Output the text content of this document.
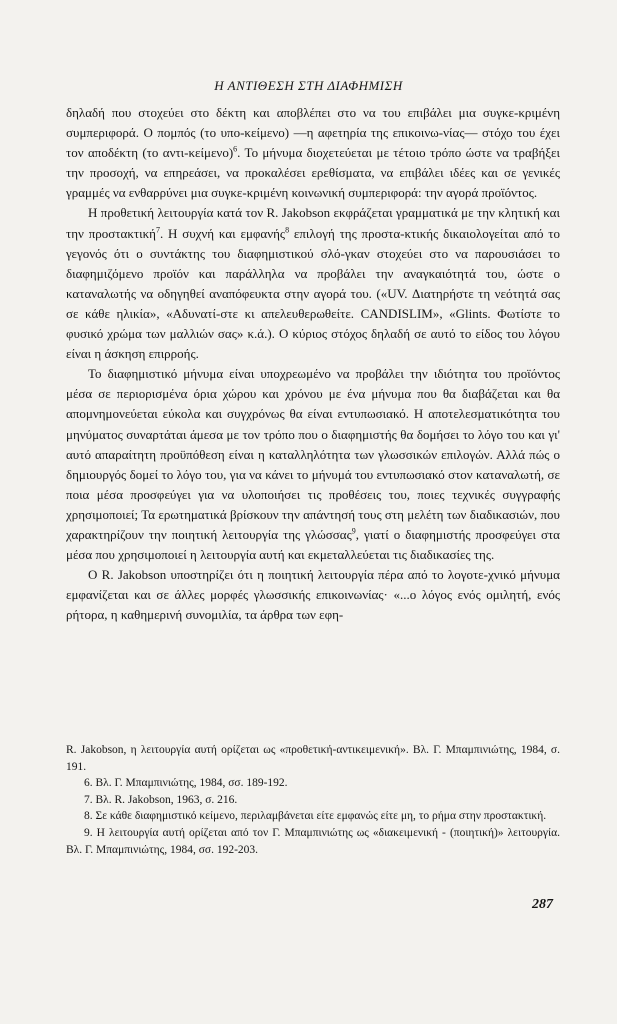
Η ΑΝΤΙΘΕΣΗ ΣΤΗ ΔΙΑΦΗΜΙΣΗ

δηλαδή που στοχεύει στο δέκτη και αποβλέπει στο να του επιβάλει μια συγκε-κριμένη συμπεριφορά. Ο πομπός (το υπο-κείμενο) —η αφετηρία της επικοινω-νίας— στόχο του έχει τον αποδέκτη (το αντι-κείμενο)$^6$. Το μήνυμα διοχετεύεται με τέτοιο τρόπο ώστε να τραβήξει την προσοχή, να επηρεάσει, να προκαλέσει ερεθίσματα, να επιβάλει ιδέες και σε γενικές γραμμές να ενθαρρύνει μια συγκε-κριμένη κοινωνική συμπεριφορά: την αγορά προϊόντος.

Η προθετική λειτουργία κατά τον R. Jakobson εκφράζεται γραμματικά με την κλητική και την προστακτική$^7$. Η συχνή και εμφανής$^8$ επιλογή της προστα-κτικής δικαιολογείται από το γεγονός ότι ο συντάκτης του διαφημιστικού σλό-γκαν στοχεύει στο να παρουσιάσει το διαφημιζόμενο προϊόν και παράλληλα να προβάλει την αναγκαιότητά του, ώστε ο καταναλωτής να οδηγηθεί αναπόφευκτα στην αγορά του. («UV. Διατηρήστε τη νεότητά σας σε κάθε ηλικία», «Αδυνατί-στε κι απελευθερωθείτε. CANDISLIM», «Glints. Φωτίστε το φυσικό χρώμα των μαλλιών σας» κ.ά.). Ο κύριος στόχος δηλαδή σε αυτό το είδος του λόγου είναι η άσκηση επιρροής.

Το διαφημιστικό μήνυμα είναι υποχρεωμένο να προβάλει την ιδιότητα του προϊόντος μέσα σε περιορισμένα όρια χώρου και χρόνου με ένα μήνυμα που θα διαβάζεται και θα απομνημονεύεται εύκολα και συγχρόνως θα είναι εντυπωσιακό. Η αποτελεσματικότητα του μηνύματος συναρτάται άμεσα με τον τρόπο που ο διαφημιστής θα δομήσει το λόγο του και γι' αυτό απαραίτητη προϋπόθεση είναι η καταλληλότητα των γλωσσικών επιλογών. Αλλά πώς ο δημιουργός δομεί το λόγο του, για να κάνει το μήνυμά του εντυπωσιακό στον καταναλωτή, σε ποια μέσα προσφεύγει για να υλοποιήσει τις προθέσεις του, ποιες τεχνικές συγγραφής χρησιμοποιεί; Τα ερωτηματικά βρίσκουν την απάντησή τους στη μελέτη των διαδικασιών, που χαρακτηρίζουν την ποιητική λειτουργία της γλώσσας$^9$, γιατί ο διαφημιστής προσφεύγει στα μέσα που χρησιμοποιεί η λειτουργία αυτή και εκμεταλλεύεται τις διαδικασίες της.

Ο R. Jakobson υποστηρίζει ότι η ποιητική λειτουργία πέρα από το λογοτε-χνικό μήνυμα εμφανίζεται και σε άλλες μορφές γλωσσικής επικοινωνίας· «...ο λόγος ενός ομιλητή, ενός ρήτορα, η καθημερινή συνομιλία, τα άρθρα των εφη-

R. Jakobson, η λειτουργία αυτή ορίζεται ως «προθετική-αντικειμενική». Βλ. Γ. Μπαμπινιώτης, 1984, σ. 191.

6. Βλ. Γ. Μπαμπινιώτης, 1984, σσ. 189-192.

7. Βλ. R. Jakobson, 1963, σ. 216.

8. Σε κάθε διαφημιστικό κείμενο, περιλαμβάνεται είτε εμφανώς είτε μη, το ρήμα στην προστακτική.

9. Η λειτουργία αυτή ορίζεται από τον Γ. Μπαμπινιώτης ως «διακειμενική - (ποιητική)» λειτουργία. Βλ. Γ. Μπαμπινιώτης, 1984, σσ. 192-203.

287
